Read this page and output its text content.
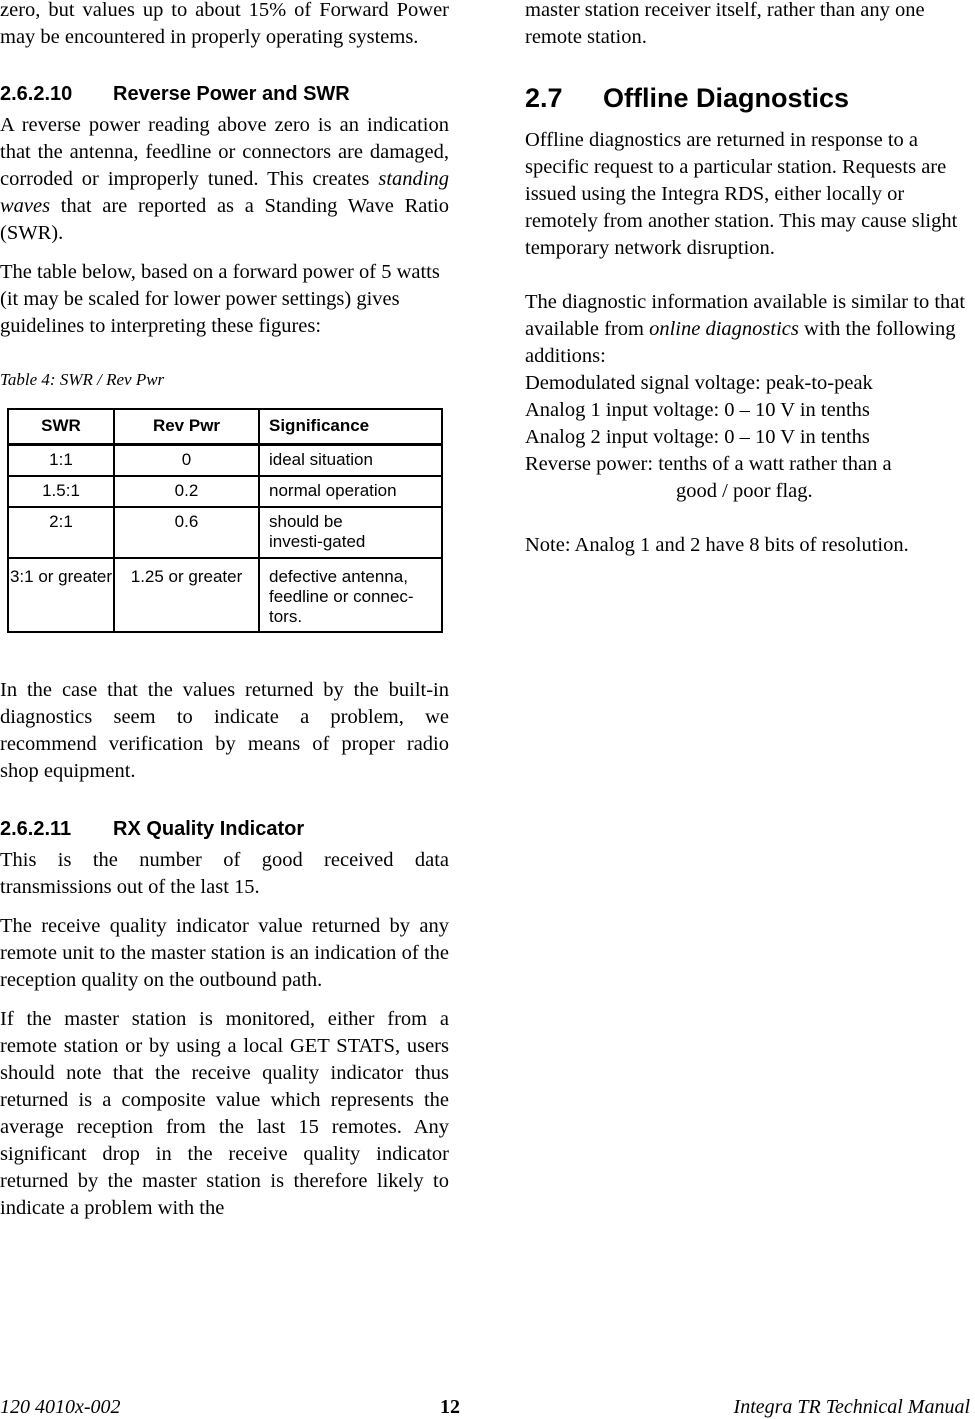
zero, but values up to about 15% of Forward Power may be encountered in properly operating systems.

2.6.2.10 Reverse Power and SWR

A reverse power reading above zero is an indication that the antenna, feedline or connectors are damaged, corroded or improperly tuned. This creates standing waves that are reported as a Standing Wave Ratio (SWR).

The table below, based on a forward power of 5 watts (it may be scaled for lower power settings) gives guidelines to interpreting these figures:

Table 4: SWR / Rev Pwr

SWR	Rev Pwr	Significance
1:1	0	ideal situation
1.5:1	0.2	normal operation
2:1	0.6	should be investi-gated
3:1 or greater	1.25 or greater	defective antenna, feedline or connec-tors.

In the case that the values returned by the built-in diagnostics seem to indicate a problem, we recommend verification by means of proper radio shop equipment.

2.6.2.11 RX Quality Indicator

This is the number of good received data transmissions out of the last 15.

The receive quality indicator value returned by any remote unit to the master station is an indication of the reception quality on the outbound path.

If the master station is monitored, either from a remote station or by using a local GET STATS, users should note that the receive quality indicator thus returned is a composite value which represents the average reception from the last 15 remotes. Any significant drop in the receive quality indicator returned by the master station is therefore likely to indicate a problem with the

master station receiver itself, rather than any one remote station.

2.7 Offline Diagnostics

Offline diagnostics are returned in response to a specific request to a particular station. Requests are issued using the Integra RDS, either locally or remotely from another station. This may cause slight temporary network disruption.

The diagnostic information available is similar to that available from online diagnostics with the following additions:

Demodulated signal voltage: peak-to-peak

Analog 1 input voltage: 0 – 10 V in tenths

Analog 2 input voltage: 0 – 10 V in tenths

Reverse power: tenths of a watt rather than a

good / poor flag.

Note: Analog 1 and 2 have 8 bits of resolution.

120 4010x-002	12	Integra TR Technical Manual
